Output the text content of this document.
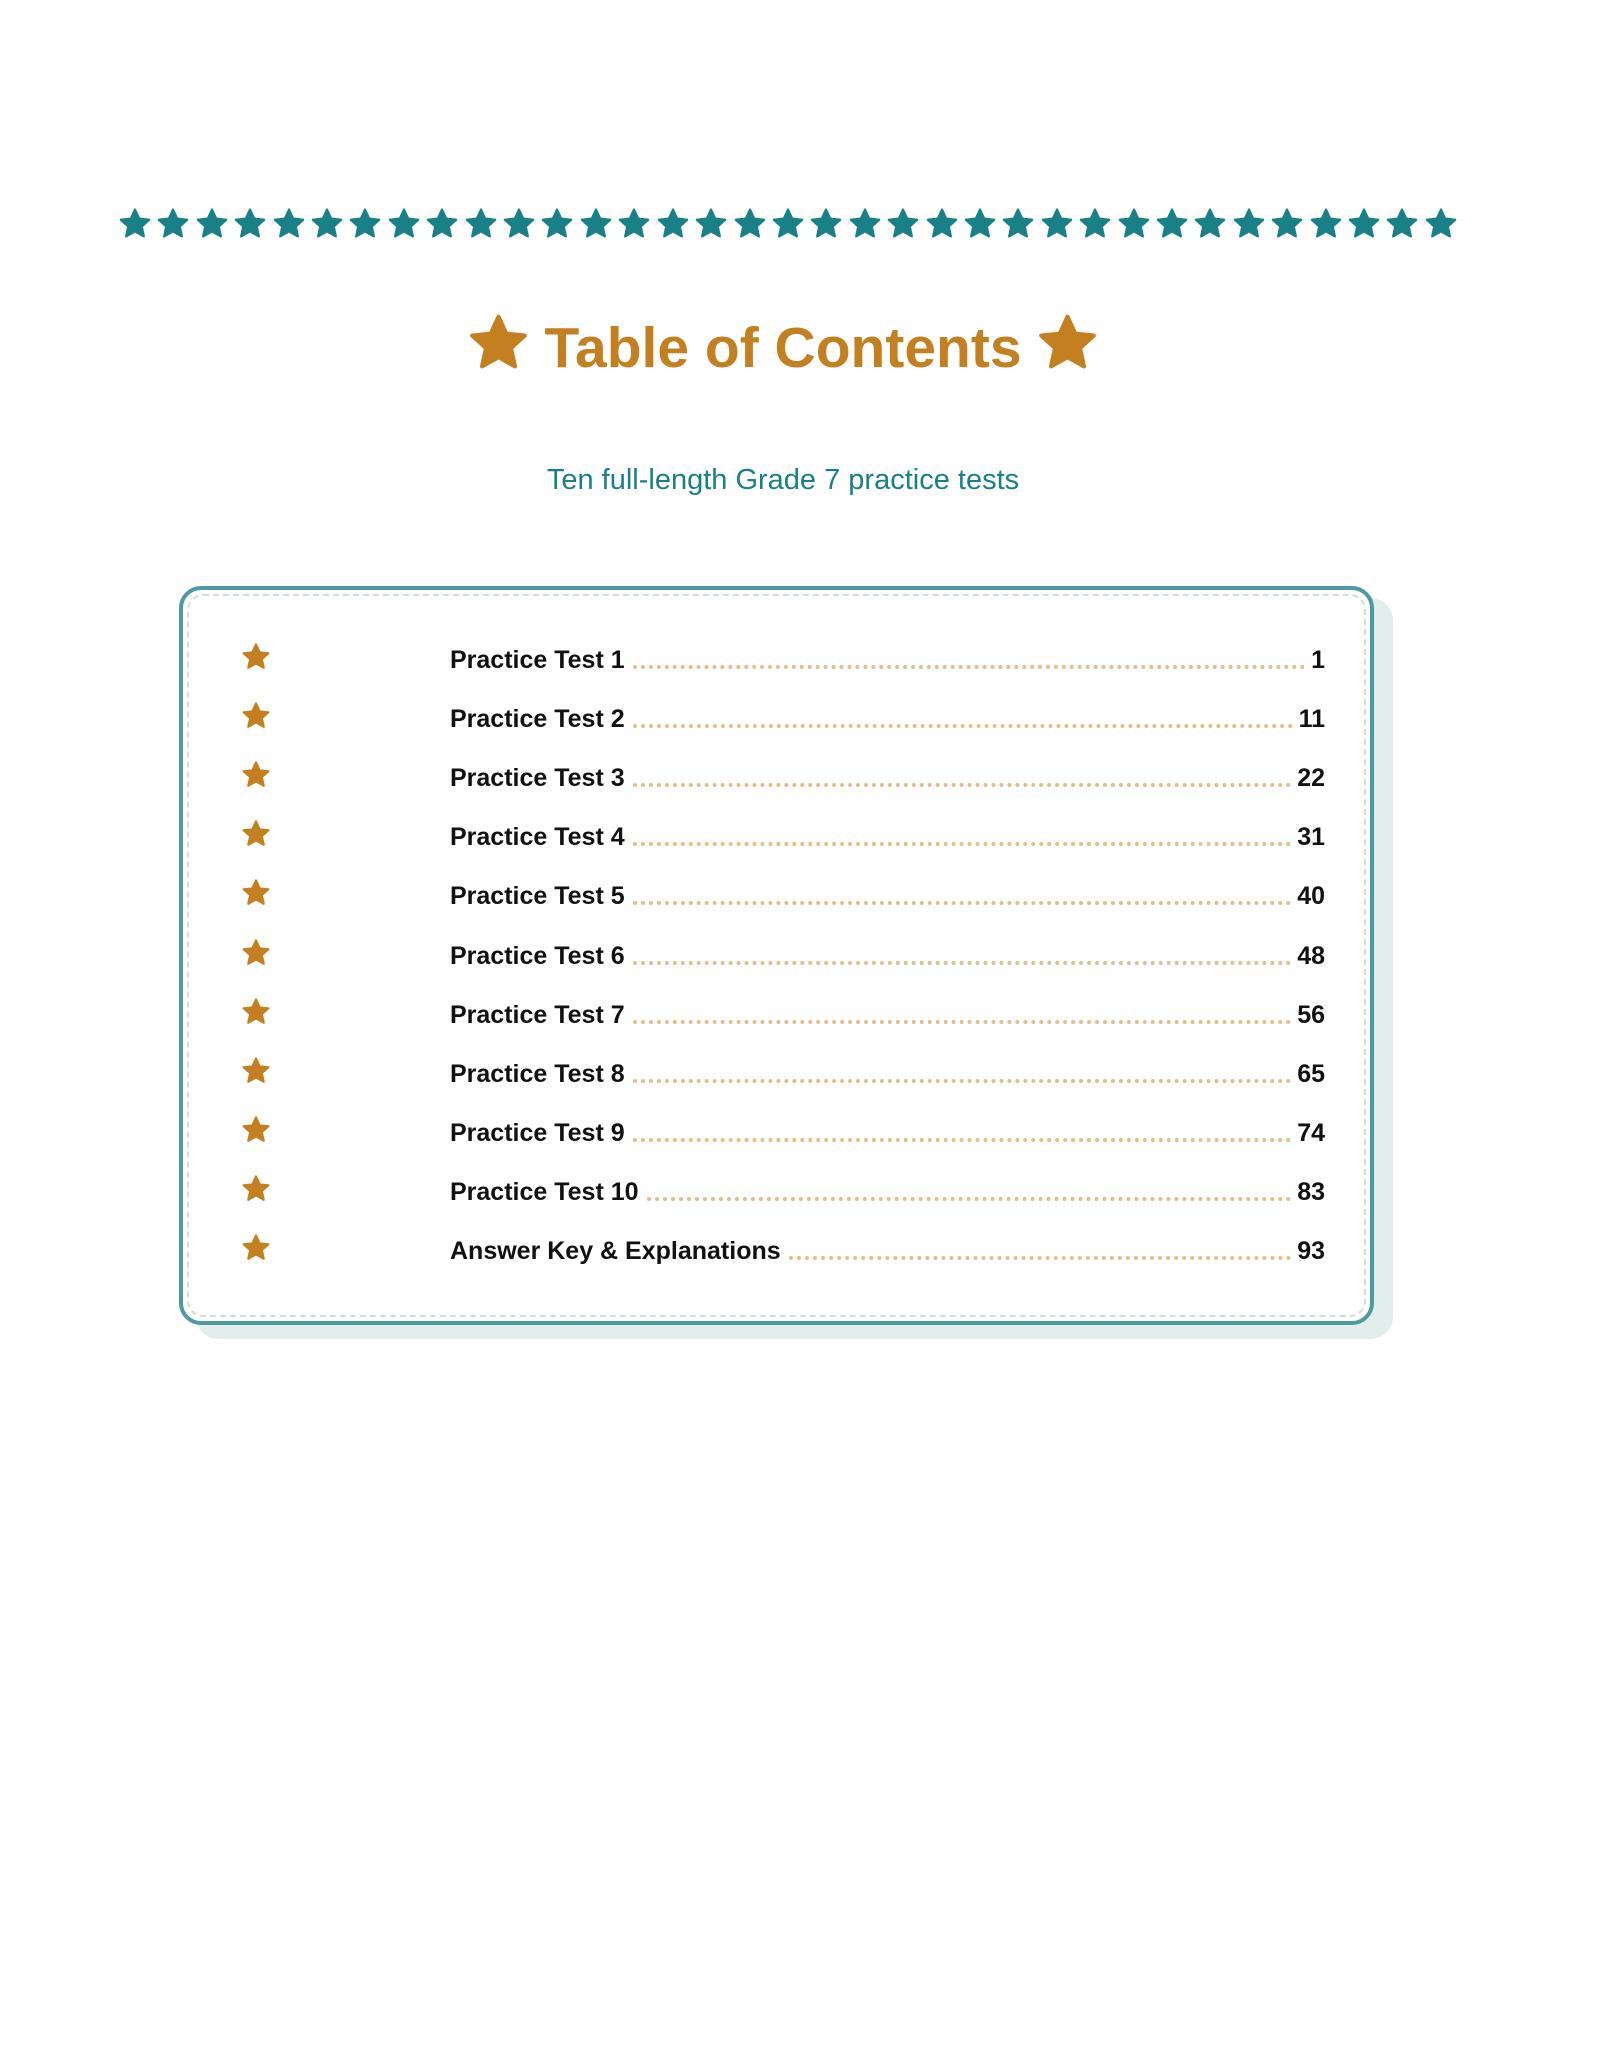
Table of Contents
Ten full-length Grade 7 practice tests
Practice Test 1	1
Practice Test 2	11
Practice Test 3	22
Practice Test 4	31
Practice Test 5	40
Practice Test 6	48
Practice Test 7	56
Practice Test 8	65
Practice Test 9	74
Practice Test 10	83
Answer Key & Explanations	93
